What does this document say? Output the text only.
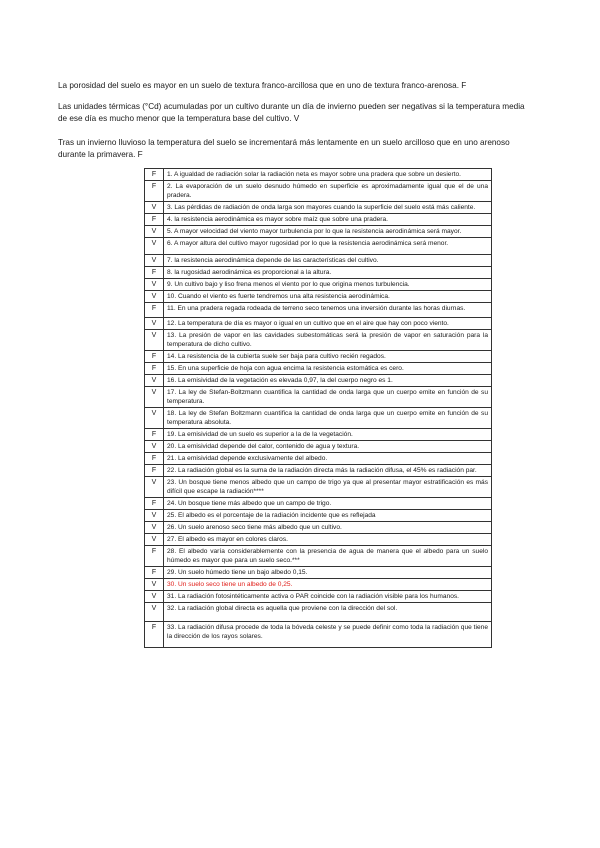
La porosidad del suelo es mayor en un suelo de textura franco-arcillosa que en uno de textura franco-arenosa. F

Las unidades térmicas (°Cd) acumuladas por un cultivo durante un día de invierno pueden ser negativas si la temperatura media de ese día es mucho menor que la temperatura base del cultivo. V

Tras un invierno lluvioso la temperatura del suelo se incrementará más lentamente en un suelo arcilloso que en uno arenoso durante la primavera. F

F	1. A igualdad de radiación solar la radiación neta es mayor sobre una pradera que sobre un desierto.
F	2. La evaporación de un suelo desnudo húmedo en superficie es aproximadamente igual que el de una pradera.
V	3. Las pérdidas de radiación de onda larga son mayores cuando la superficie del suelo está más caliente.
F	4. la resistencia aerodinámica es mayor sobre maíz que sobre una pradera.
V	5. A mayor velocidad del viento mayor turbulencia por lo que la resistencia aerodinámica será mayor.
V	6. A mayor altura del cultivo mayor rugosidad por lo que la resistencia aerodinámica será menor.
V	7. la resistencia aerodinámica depende de las características del cultivo.
F	8. la rugosidad aerodinámica es proporcional a la altura.
V	9. Un cultivo bajo y liso frena menos el viento por lo que origina menos turbulencia.
V	10. Cuando el viento es fuerte tendremos una alta resistencia aerodinámica.
F	11. En una pradera regada rodeada de terreno seco tenemos una inversión durante las horas diurnas.
V	12. La temperatura de día es mayor o igual en un cultivo que en el aire que hay con poco viento.
V	13. La presión de vapor en las cavidades subestomáticas será la presión de vapor en saturación para la temperatura de dicho cultivo.
F	14. La resistencia de la cubierta suele ser baja para cultivo recién regados.
F	15. En una superficie de hoja con agua encima la resistencia estomática es cero.
V	16. La emisividad de la vegetación es elevada 0,97, la del cuerpo negro es 1.
V	17. La ley de Stefan-Boltzmann cuantifica la cantidad de onda larga que un cuerpo emite en función de su temperatura.
V	18. La ley de Stefan Boltzmann cuantifica la cantidad de onda larga que un cuerpo emite en función de su temperatura absoluta.
F	19. La emisividad de un suelo es superior a la de la vegetación.
V	20. La emisividad depende del calor, contenido de agua y textura.
F	21. La emisividad depende exclusivamente del albedo.
F	22. La radiación global es la suma de la radiación directa más la radiación difusa, el 45% es radiación par.
V	23. Un bosque tiene menos albedo que un campo de trigo ya que al presentar mayor estratificación es más difícil que escape la radiación****
F	24. Un bosque tiene más albedo que un campo de trigo.
V	25. El albedo es el porcentaje de la radiación incidente que es reflejada
V	26. Un suelo arenoso seco tiene más albedo que un cultivo.
V	27. El albedo es mayor en colores claros.
F	28. El albedo varía considerablemente con la presencia de agua de manera que el albedo para un suelo húmedo es mayor que para un suelo seco.***
F	29. Un suelo húmedo tiene un bajo albedo 0,15.
V	30. Un suelo seco tiene un albedo de 0,25.
V	31. La radiación fotosintéticamente activa o PAR coincide con la radiación visible para los humanos.
V	32. La radiación global directa es aquella que proviene con la dirección del sol.
F	33. La radiación difusa procede de toda la bóveda celeste y se puede definir como toda la radiación que tiene la dirección de los rayos solares.
